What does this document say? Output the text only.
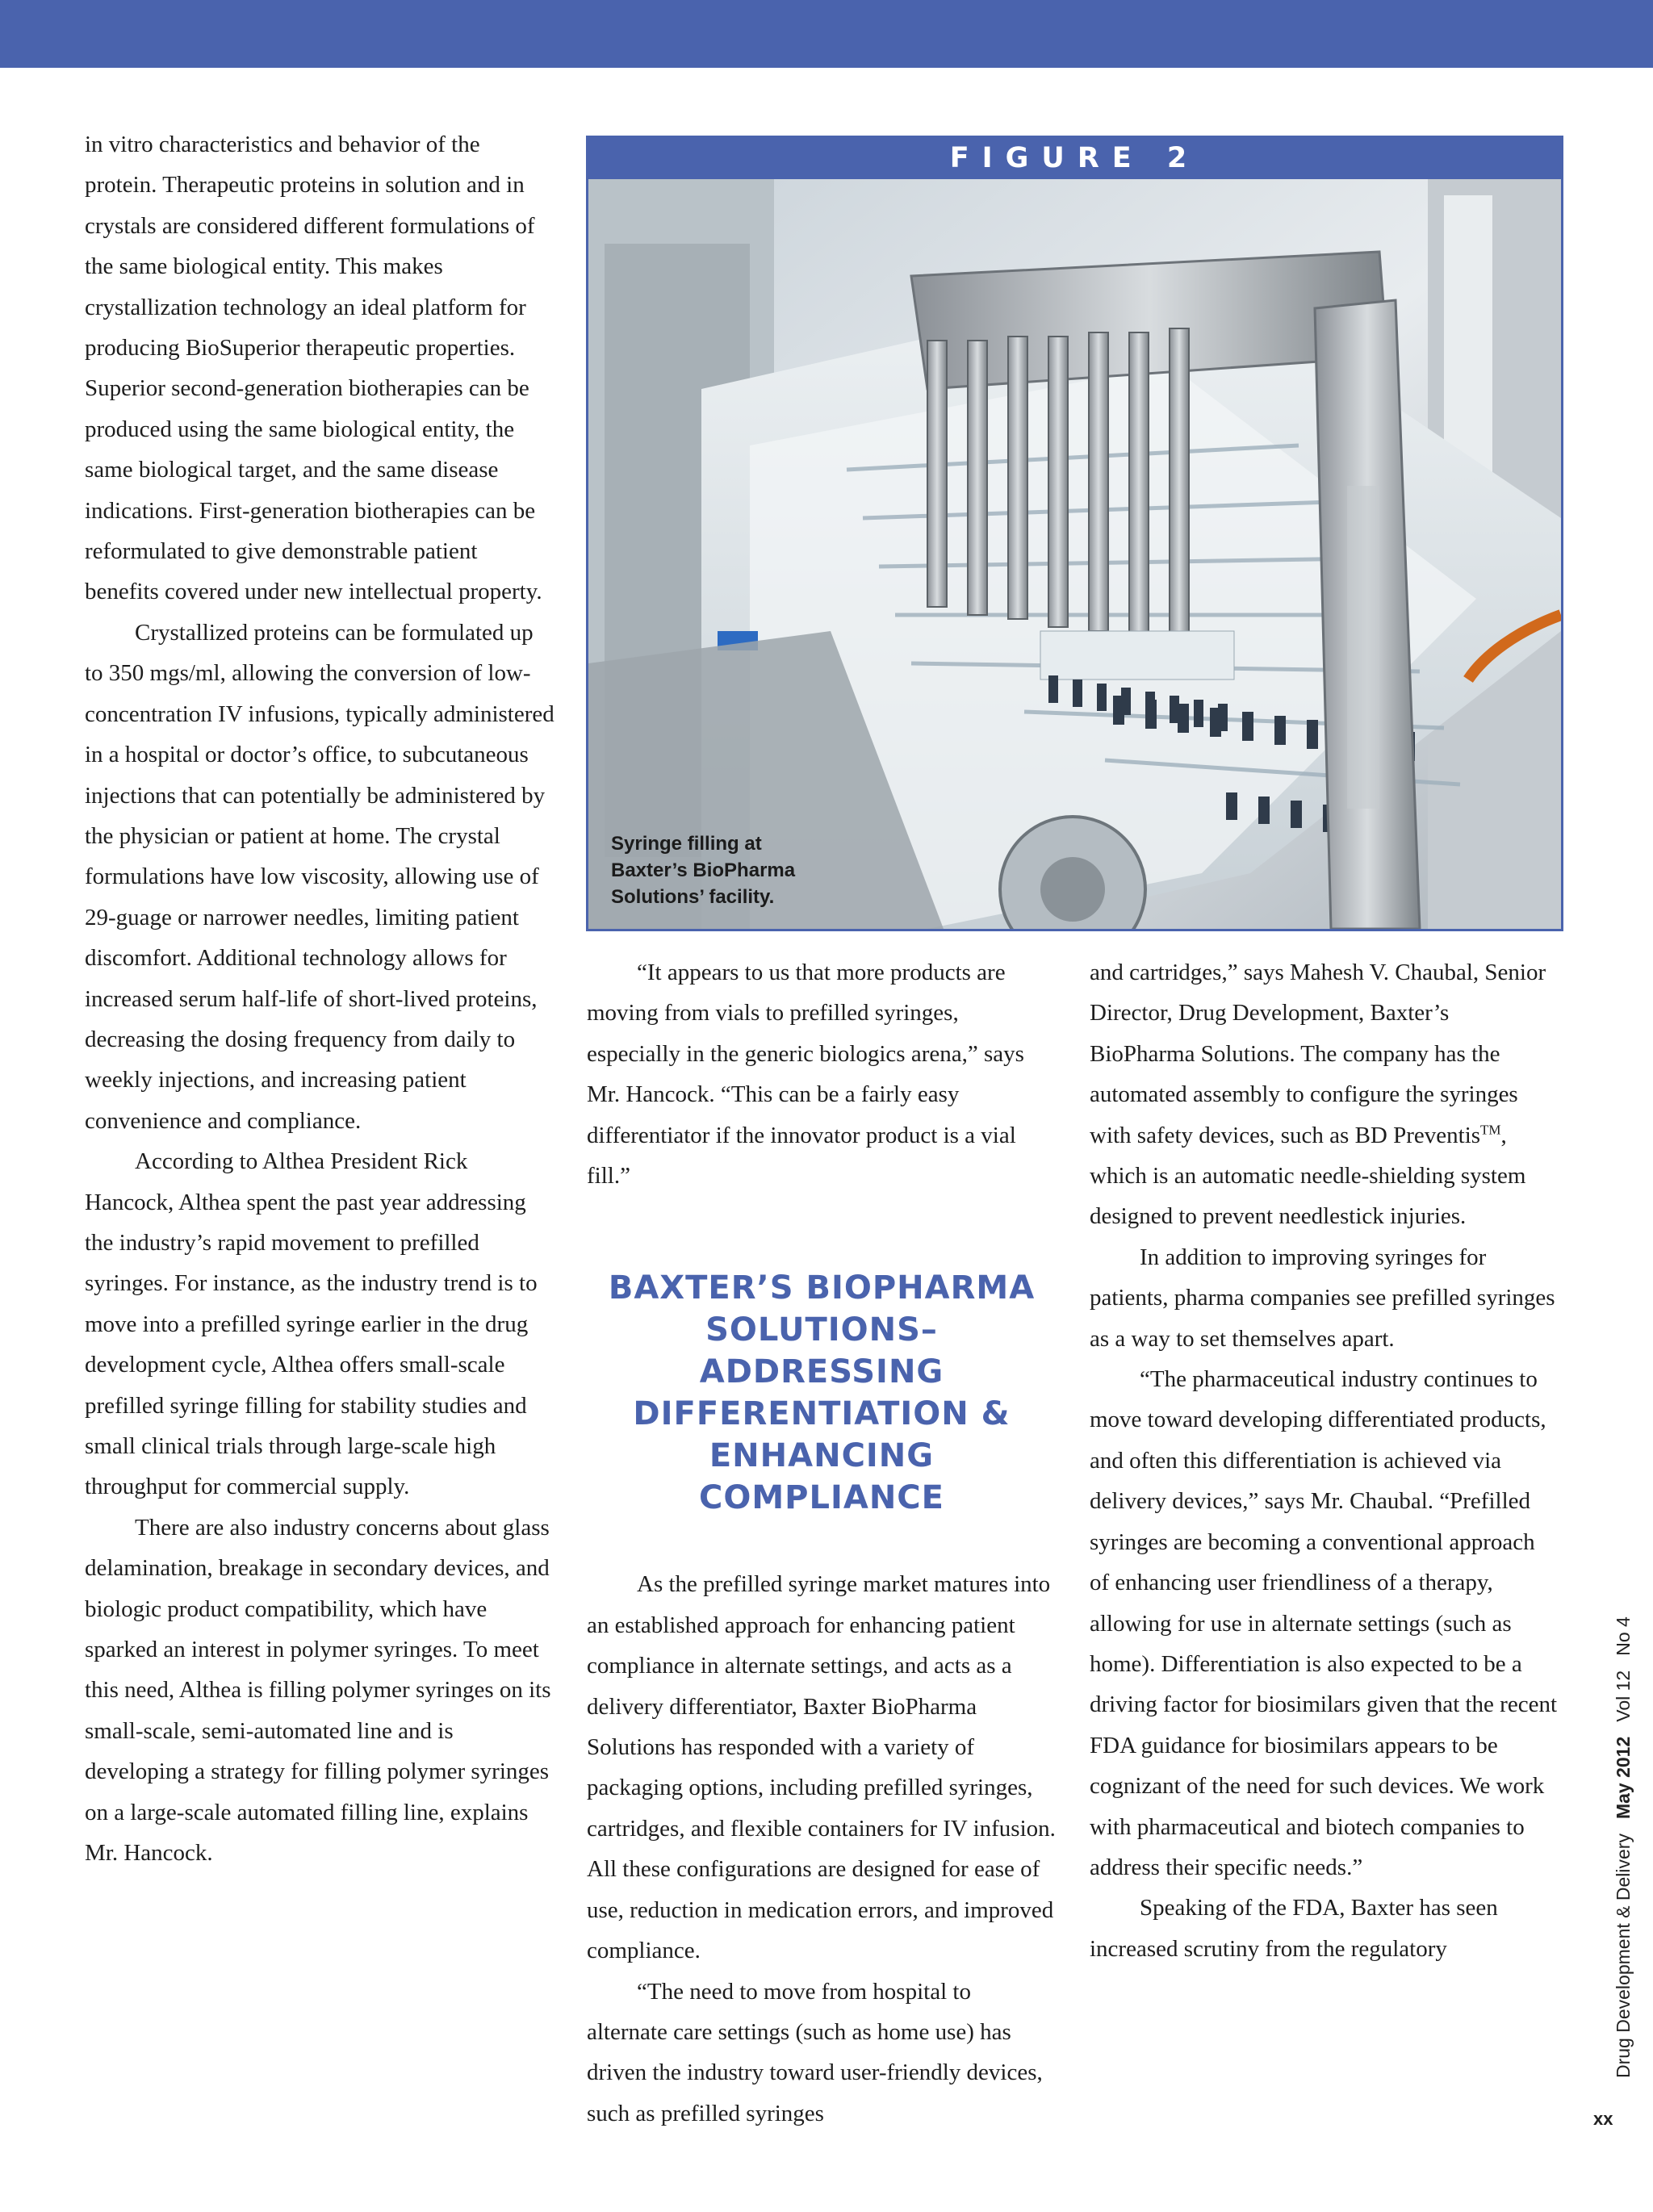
in vitro characteristics and behavior of the protein. Therapeutic proteins in solution and in crystals are considered different formulations of the same biological entity. This makes crystallization technology an ideal platform for producing BioSuperior therapeutic properties. Superior second-generation biotherapies can be produced using the same biological entity, the same biological target, and the same disease indications. First-generation biotherapies can be reformulated to give demonstrable patient benefits covered under new intellectual property.

Crystallized proteins can be formulated up to 350 mgs/ml, allowing the conversion of low-concentration IV infusions, typically administered in a hospital or doctor’s office, to subcutaneous injections that can potentially be administered by the physician or patient at home. The crystal formulations have low viscosity, allowing use of 29-guage or narrower needles, limiting patient discomfort. Additional technology allows for increased serum half-life of short-lived proteins, decreasing the dosing frequency from daily to weekly injections, and increasing patient convenience and compliance.

According to Althea President Rick Hancock, Althea spent the past year addressing the industry’s rapid movement to prefilled syringes. For instance, as the industry trend is to move into a prefilled syringe earlier in the drug development cycle, Althea offers small-scale prefilled syringe filling for stability studies and small clinical trials through large-scale high throughput for commercial supply.

There are also industry concerns about glass delamination, breakage in secondary devices, and biologic product compatibility, which have sparked an interest in polymer syringes. To meet this need, Althea is filling polymer syringes on its small-scale, semi-automated line and is developing a strategy for filling polymer syringes on a large-scale automated filling line, explains Mr. Hancock.

FIGURE 2
Syringe filling at
Baxter’s BioPharma
Solutions’ facility.

“It appears to us that more products are moving from vials to prefilled syringes, especially in the generic biologics arena,” says Mr. Hancock. “This can be a fairly easy differentiator if the innovator product is a vial fill.”

BAXTER’S BIOPHARMA
SOLUTIONS–ADDRESSING
DIFFERENTIATION &
ENHANCING COMPLIANCE

As the prefilled syringe market matures into an established approach for enhancing patient compliance in alternate settings, and acts as a delivery differentiator, Baxter BioPharma Solutions has responded with a variety of packaging options, including prefilled syringes, cartridges, and flexible containers for IV infusion. All these configurations are designed for ease of use, reduction in medication errors, and improved compliance.

“The need to move from hospital to alternate care settings (such as home use) has driven the industry toward user-friendly devices, such as prefilled syringes

and cartridges,” says Mahesh V. Chaubal, Senior Director, Drug Development, Baxter’s BioPharma Solutions. The company has the automated assembly to configure the syringes with safety devices, such as BD Preventis™, which is an automatic needle-shielding system designed to prevent needlestick injuries.

In addition to improving syringes for patients, pharma companies see prefilled syringes as a way to set themselves apart.

“The pharmaceutical industry continues to move toward developing differentiated products, and often this differentiation is achieved via delivery devices,” says Mr. Chaubal. “Prefilled syringes are becoming a conventional approach of enhancing user friendliness of a therapy, allowing for use in alternate settings (such as home). Differentiation is also expected to be a driving factor for biosimilars given that the recent FDA guidance for biosimilars appears to be cognizant of the need for such devices. We work with pharmaceutical and biotech companies to address their specific needs.”

Speaking of the FDA, Baxter has seen increased scrutiny from the regulatory	Drug Development & DeliveryMay 2012Vol 12No 4
xx
